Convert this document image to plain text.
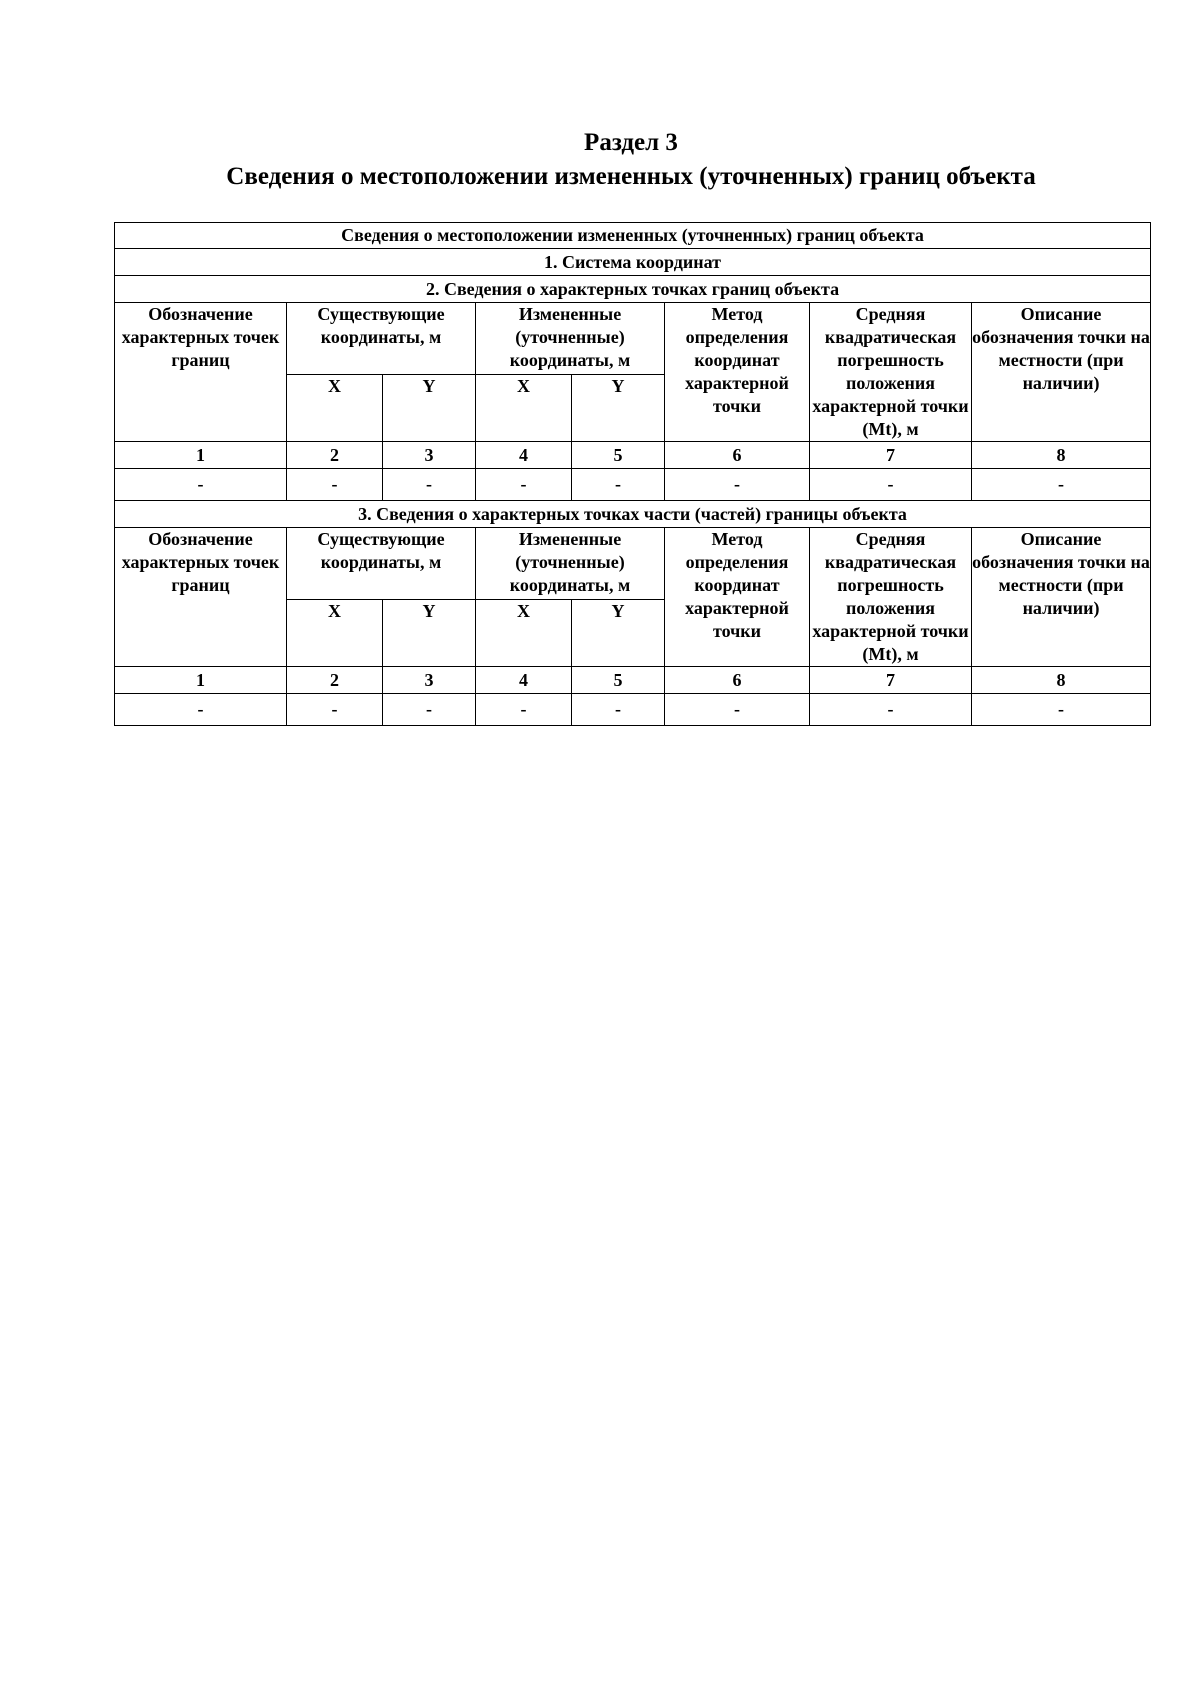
Раздел 3
Сведения о местоположении измененных (уточненных) границ объекта
Сведения о местоположении измененных (уточненных) границ объекта							
1. Система координат							
2. Сведения о характерных точках границ объекта							
Обозначение характерных точек границ	Существующие координаты, м		Измененные (уточненные) координаты, м		Метод определения координат характерной точки	Средняя квадратическая погрешность положения характерной точки (Mt), м	Описание обозначения точки на местности (при наличии)
	X	Y	X	Y			
1	2	3	4	5	6	7	8
-	-	-	-	-	-	-	-
3. Сведения о характерных точках части (частей) границы объекта							
Обозначение характерных точек границ	Существующие координаты, м		Измененные (уточненные) координаты, м		Метод определения координат характерной точки	Средняя квадратическая погрешность положения характерной точки (Mt), м	Описание обозначения точки на местности (при наличии)
	X	Y	X	Y			
1	2	3	4	5	6	7	8
-	-	-	-	-	-	-	-
